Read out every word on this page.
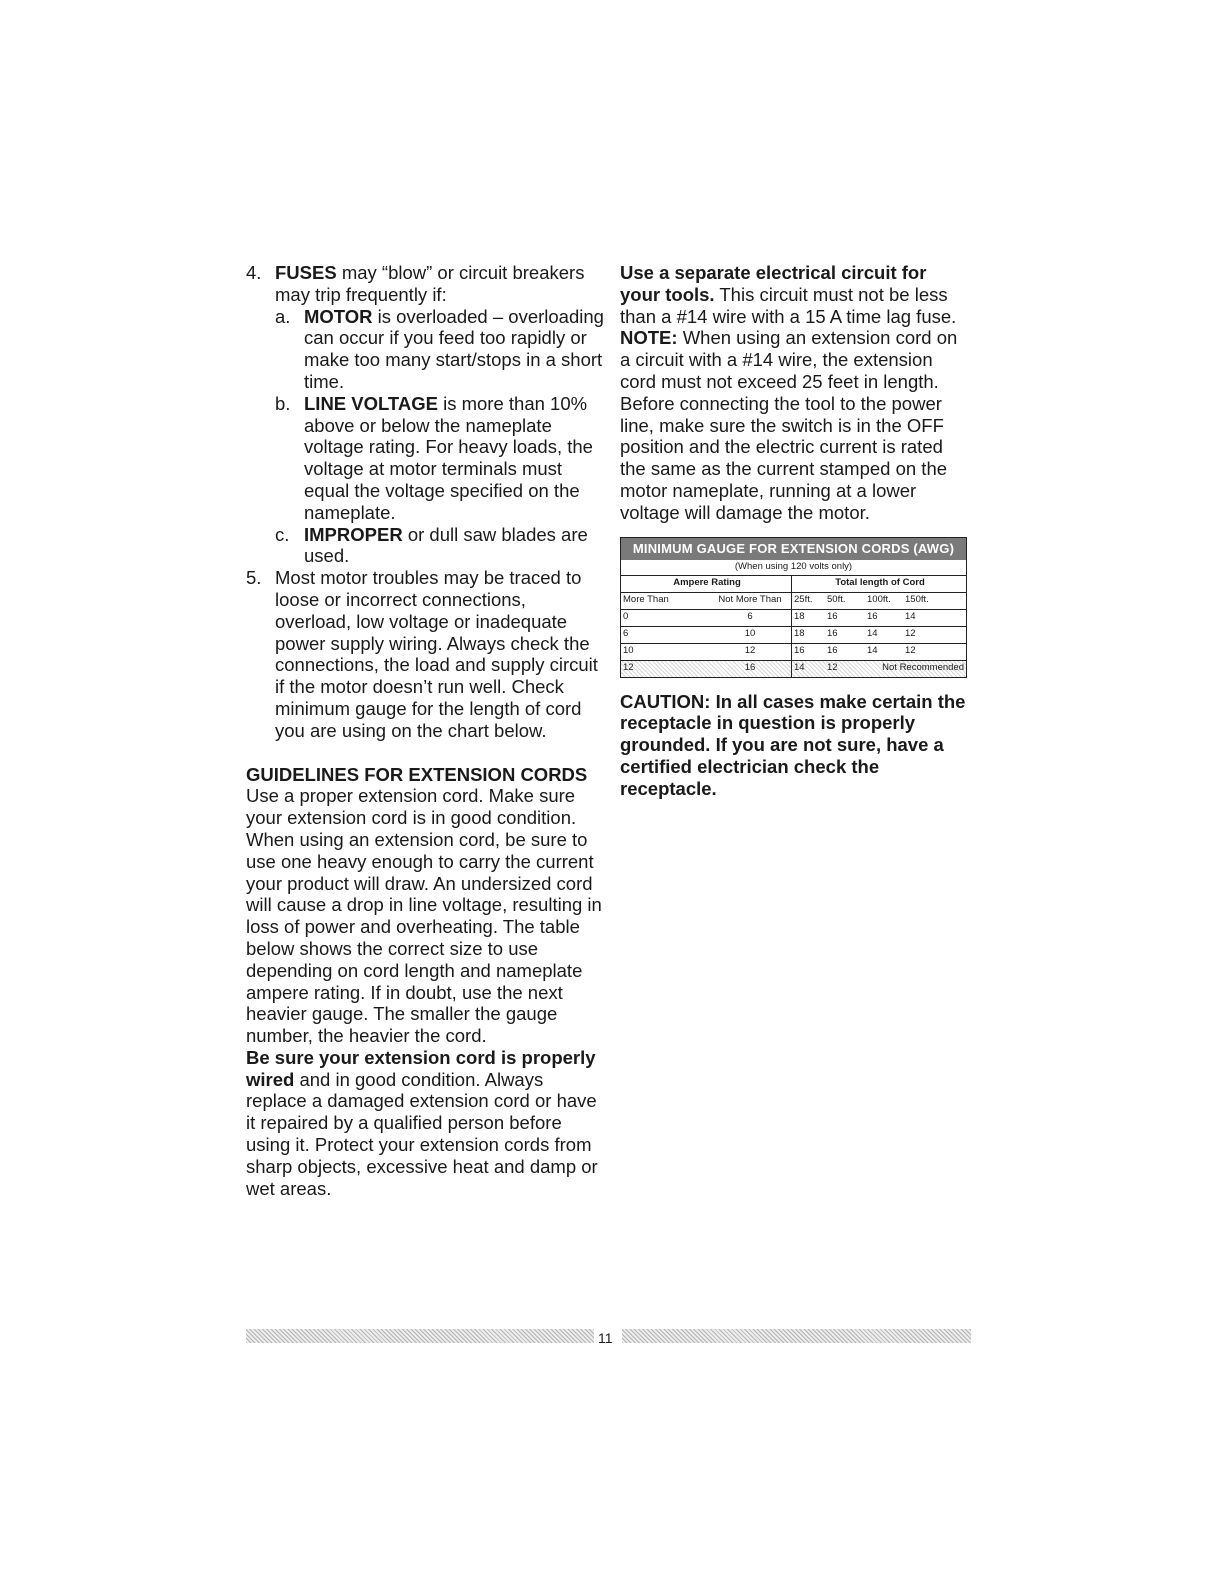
4. FUSES may “blow” or circuit breakers may trip frequently if:
a. MOTOR is overloaded – overloading can occur if you feed too rapidly or make too many start/stops in a short time.
b. LINE VOLTAGE is more than 10% above or below the nameplate voltage rating. For heavy loads, the voltage at motor terminals must equal the voltage specified on the nameplate.
c. IMPROPER or dull saw blades are used.
5. Most motor troubles may be traced to loose or incorrect connections, overload, low voltage or inadequate power supply wiring. Always check the connections, the load and supply circuit if the motor doesn’t run well. Check minimum gauge for the length of cord you are using on the chart below.
GUIDELINES FOR EXTENSION CORDS
Use a proper extension cord. Make sure your extension cord is in good condition. When using an extension cord, be sure to use one heavy enough to carry the current your product will draw. An undersized cord will cause a drop in line voltage, resulting in loss of power and overheating. The table below shows the correct size to use depending on cord length and nameplate ampere rating. If in doubt, use the next heavier gauge. The smaller the gauge number, the heavier the cord.
Be sure your extension cord is properly wired and in good condition. Always replace a damaged extension cord or have it repaired by a qualified person before using it. Protect your extension cords from sharp objects, excessive heat and damp or wet areas.
Use a separate electrical circuit for your tools. This circuit must not be less than a #14 wire with a 15 A time lag fuse. NOTE: When using an extension cord on a circuit with a #14 wire, the extension cord must not exceed 25 feet in length. Before connecting the tool to the power line, make sure the switch is in the OFF position and the electric current is rated the same as the current stamped on the motor nameplate, running at a lower voltage will damage the motor.
MINIMUM GAUGE FOR EXTENSION CORDS (AWG)
(When using 120 volts only)
Ampere Rating	Total length of Cord
More Than	Not More Than	25ft.	50ft.	100ft.	150ft.
0	6	18	16	16	14
6	10	18	16	14	12
10	12	16	16	14	12
12	16	14	12	Not Recommended
CAUTION: In all cases make certain the receptacle in question is properly grounded. If you are not sure, have a certified electrician check the receptacle.
11
